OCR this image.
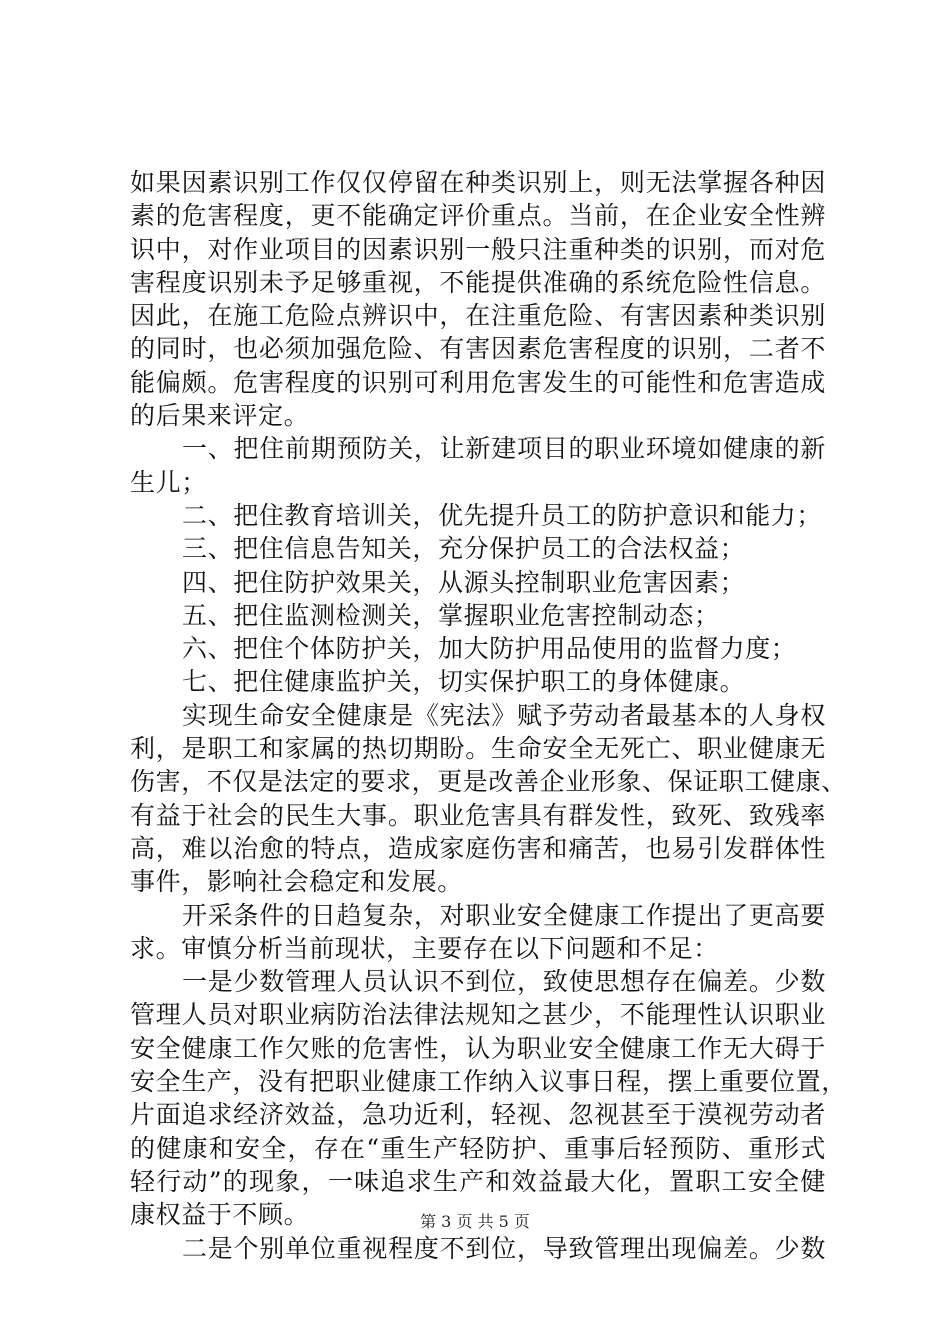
如果因素识别工作仅仅停留在种类识别上，则无法掌握各种因
素的危害程度，更不能确定评价重点。当前，在企业安全性辨
识中，对作业项目的因素识别一般只注重种类的识别，而对危
害程度识别未予足够重视，不能提供准确的系统危险性信息。
因此，在施工危险点辨识中，在注重危险、有害因素种类识别
的同时，也必须加强危险、有害因素危害程度的识别，二者不
能偏颇。危害程度的识别可利用危害发生的可能性和危害造成
的后果来评定。
一、把住前期预防关，让新建项目的职业环境如健康的新
生儿；
二、把住教育培训关，优先提升员工的防护意识和能力；
三、把住信息告知关，充分保护员工的合法权益；
四、把住防护效果关，从源头控制职业危害因素；
五、把住监测检测关，掌握职业危害控制动态；
六、把住个体防护关，加大防护用品使用的监督力度；
七、把住健康监护关，切实保护职工的身体健康。
实现生命安全健康是《宪法》赋予劳动者最基本的人身权
利，是职工和家属的热切期盼。生命安全无死亡、职业健康无
伤害，不仅是法定的要求，更是改善企业形象、保证职工健康、
有益于社会的民生大事。职业危害具有群发性，致死、致残率
高，难以治愈的特点，造成家庭伤害和痛苦，也易引发群体性
事件，影响社会稳定和发展。
开采条件的日趋复杂，对职业安全健康工作提出了更高要
求。审慎分析当前现状，主要存在以下问题和不足：
一是少数管理人员认识不到位，致使思想存在偏差。少数
管理人员对职业病防治法律法规知之甚少，不能理性认识职业
安全健康工作欠账的危害性，认为职业安全健康工作无大碍于
安全生产，没有把职业健康工作纳入议事日程，摆上重要位置，
片面追求经济效益，急功近利，轻视、忽视甚至于漠视劳动者
的健康和安全，存在“重生产轻防护、重事后轻预防、重形式
轻行动”的现象，一味追求生产和效益最大化，置职工安全健
康权益于不顾。
二是个别单位重视程度不到位，导致管理出现偏差。少数
第 3 页 共 5 页
